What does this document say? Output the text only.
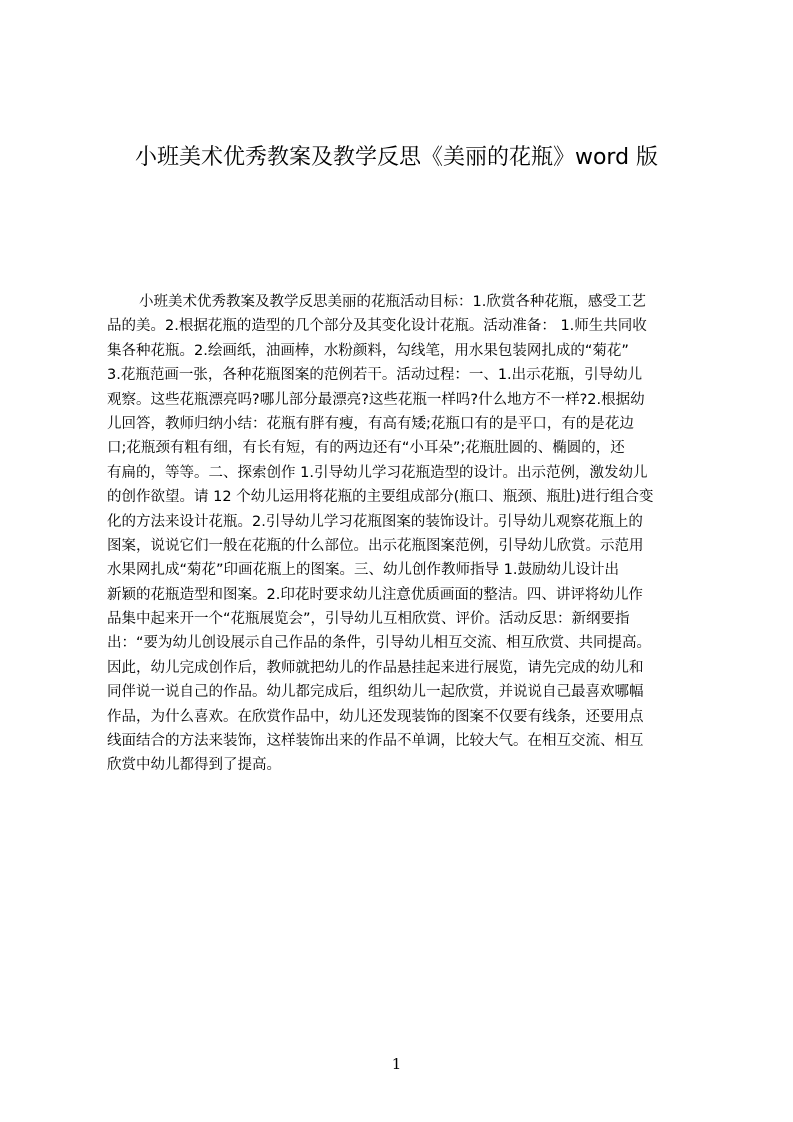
小班美术优秀教案及教学反思《美丽的花瓶》word 版
小班美术优秀教案及教学反思美丽的花瓶活动目标：1.欣赏各种花瓶，感受工艺
品的美。2.根据花瓶的造型的几个部分及其变化设计花瓶。活动准备： 1.师生共同收
集各种花瓶。2.绘画纸，油画棒，水粉颜料，勾线笔，用水果包装网扎成的“菊花”
3.花瓶范画一张，各种花瓶图案的范例若干。活动过程：一、1.出示花瓶，引导幼儿
观察。这些花瓶漂亮吗?哪儿部分最漂亮?这些花瓶一样吗?什么地方不一样?2.根据幼
儿回答，教师归纳小结：花瓶有胖有瘦，有高有矮;花瓶口有的是平口，有的是花边
口;花瓶颈有粗有细，有长有短，有的两边还有“小耳朵”;花瓶肚圆的、椭圆的，还
有扁的，等等。二、探索创作 1.引导幼儿学习花瓶造型的设计。出示范例，激发幼儿
的创作欲望。请 12 个幼儿运用将花瓶的主要组成部分(瓶口、瓶颈、瓶肚)进行组合变
化的方法来设计花瓶。2.引导幼儿学习花瓶图案的装饰设计。引导幼儿观察花瓶上的
图案，说说它们一般在花瓶的什么部位。出示花瓶图案范例，引导幼儿欣赏。示范用
水果网扎成“菊花”印画花瓶上的图案。三、幼儿创作教师指导 1.鼓励幼儿设计出
新颖的花瓶造型和图案。2.印花时要求幼儿注意优质画面的整洁。四、讲评将幼儿作
品集中起来开一个“花瓶展览会”，引导幼儿互相欣赏、评价。活动反思：新纲要指
出：“要为幼儿创设展示自己作品的条件，引导幼儿相互交流、相互欣赏、共同提高。
因此，幼儿完成创作后，教师就把幼儿的作品悬挂起来进行展览，请先完成的幼儿和
同伴说一说自己的作品。幼儿都完成后，组织幼儿一起欣赏，并说说自己最喜欢哪幅
作品，为什么喜欢。在欣赏作品中，幼儿还发现装饰的图案不仅要有线条，还要用点
线面结合的方法来装饰，这样装饰出来的作品不单调，比较大气。在相互交流、相互
欣赏中幼儿都得到了提高。
1
